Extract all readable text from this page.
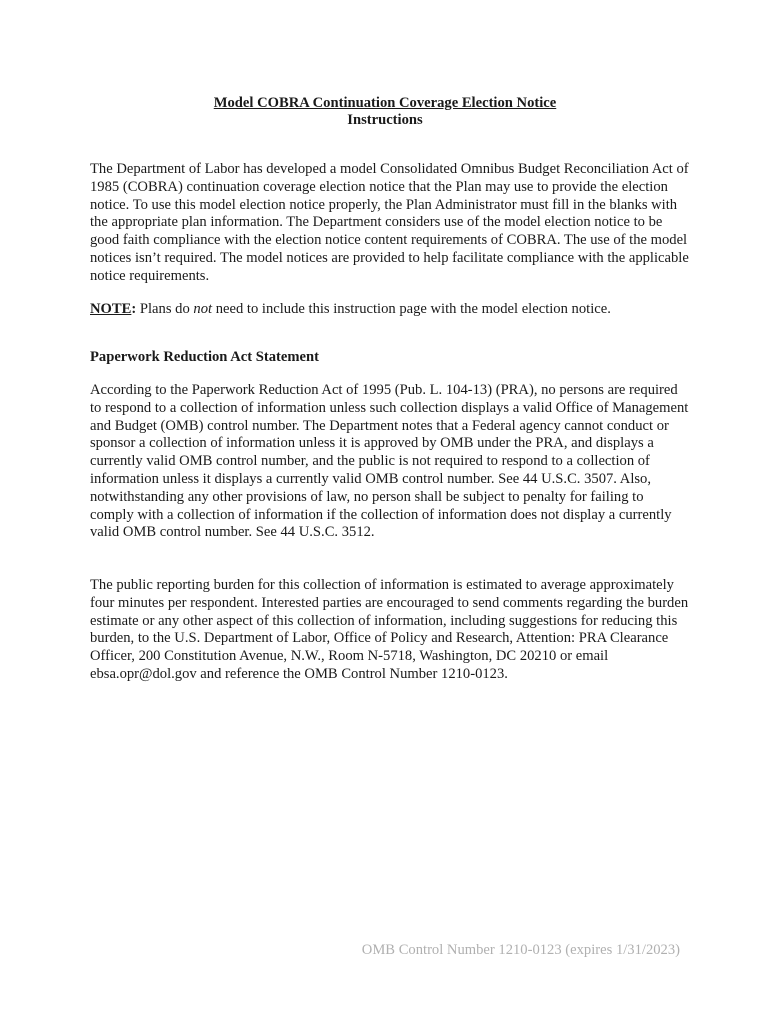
Model COBRA Continuation Coverage Election Notice
Instructions

The Department of Labor has developed a model Consolidated Omnibus Budget Reconciliation Act of 1985 (COBRA) continuation coverage election notice that the Plan may use to provide the election notice. To use this model election notice properly, the Plan Administrator must fill in the blanks with the appropriate plan information. The Department considers use of the model election notice to be good faith compliance with the election notice content requirements of COBRA. The use of the model notices isn’t required. The model notices are provided to help facilitate compliance with the applicable notice requirements.

NOTE: Plans do not need to include this instruction page with the model election notice.

Paperwork Reduction Act Statement

According to the Paperwork Reduction Act of 1995 (Pub. L. 104-13) (PRA), no persons are required to respond to a collection of information unless such collection displays a valid Office of Management and Budget (OMB) control number. The Department notes that a Federal agency cannot conduct or sponsor a collection of information unless it is approved by OMB under the PRA, and displays a currently valid OMB control number, and the public is not required to respond to a collection of information unless it displays a currently valid OMB control number. See 44 U.S.C. 3507. Also, notwithstanding any other provisions of law, no person shall be subject to penalty for failing to comply with a collection of information if the collection of information does not display a currently valid OMB control number. See 44 U.S.C. 3512.

The public reporting burden for this collection of information is estimated to average approximately four minutes per respondent. Interested parties are encouraged to send comments regarding the burden estimate or any other aspect of this collection of information, including suggestions for reducing this burden, to the U.S. Department of Labor, Office of Policy and Research, Attention: PRA Clearance Officer, 200 Constitution Avenue, N.W., Room N-5718, Washington, DC 20210 or email ebsa.opr@dol.gov and reference the OMB Control Number 1210-0123.

OMB Control Number 1210-0123 (expires 1/31/2023)
